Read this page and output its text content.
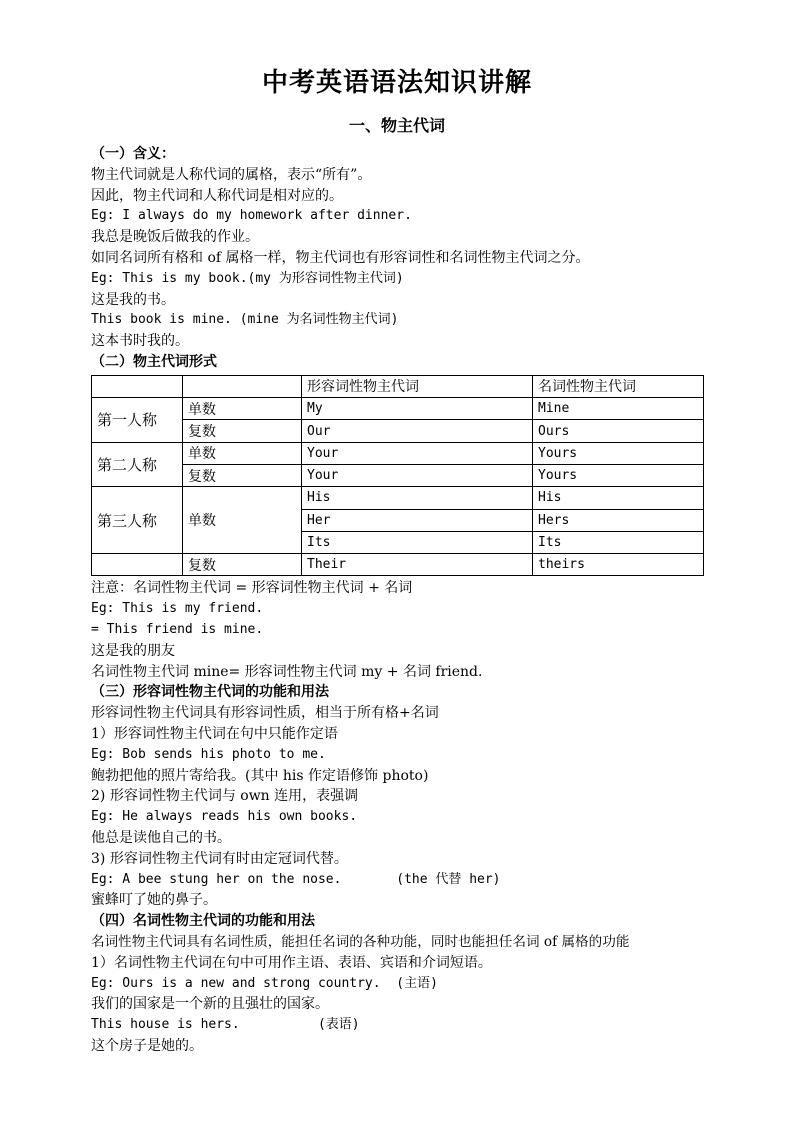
中考英语语法知识讲解
一、物主代词
（一）含义：
物主代词就是人称代词的属格，表示“所有”。
因此，物主代词和人称代词是相对应的。
Eg: I always do my homework after dinner.
我总是晚饭后做我的作业。
如同名词所有格和 of 属格一样，物主代词也有形容词性和名词性物主代词之分。
Eg: This is my book.(my 为形容词性物主代词)
这是我的书。
This book is mine. (mine 为名词性物主代词)
这本书时我的。
（二）物主代词形式
		形容词性物主代词	名词性物主代词
第一人称	单数	My	Mine
	复数	Our	Ours
第二人称	单数	Your	Yours
	复数	Your	Yours
第三人称	单数	His	His
		Her	Hers
		Its	Its
	复数	Their	theirs
注意：名词性物主代词 = 形容词性物主代词 + 名词
Eg: This is my friend.
= This friend is mine.
这是我的朋友
名词性物主代词 mine= 形容词性物主代词 my + 名词 friend.
（三）形容词性物主代词的功能和用法
形容词性物主代词具有形容词性质，相当于所有格+名词
1）形容词性物主代词在句中只能作定语
Eg: Bob sends his photo to me.
鲍勃把他的照片寄给我。(其中 his 作定语修饰 photo)
2) 形容词性物主代词与 own 连用，表强调
Eg: He always reads his own books.
他总是读他自己的书。
3) 形容词性物主代词有时由定冠词代替。
Eg: A bee stung her on the nose.       (the 代替 her)
蜜蜂叮了她的鼻子。
（四）名词性物主代词的功能和用法
名词性物主代词具有名词性质，能担任名词的各种功能，同时也能担任名词 of 属格的功能
1）名词性物主代词在句中可用作主语、表语、宾语和介词短语。
Eg: Ours is a new and strong country.  (主语)
我们的国家是一个新的且强壮的国家。
This house is hers.          (表语)
这个房子是她的。
